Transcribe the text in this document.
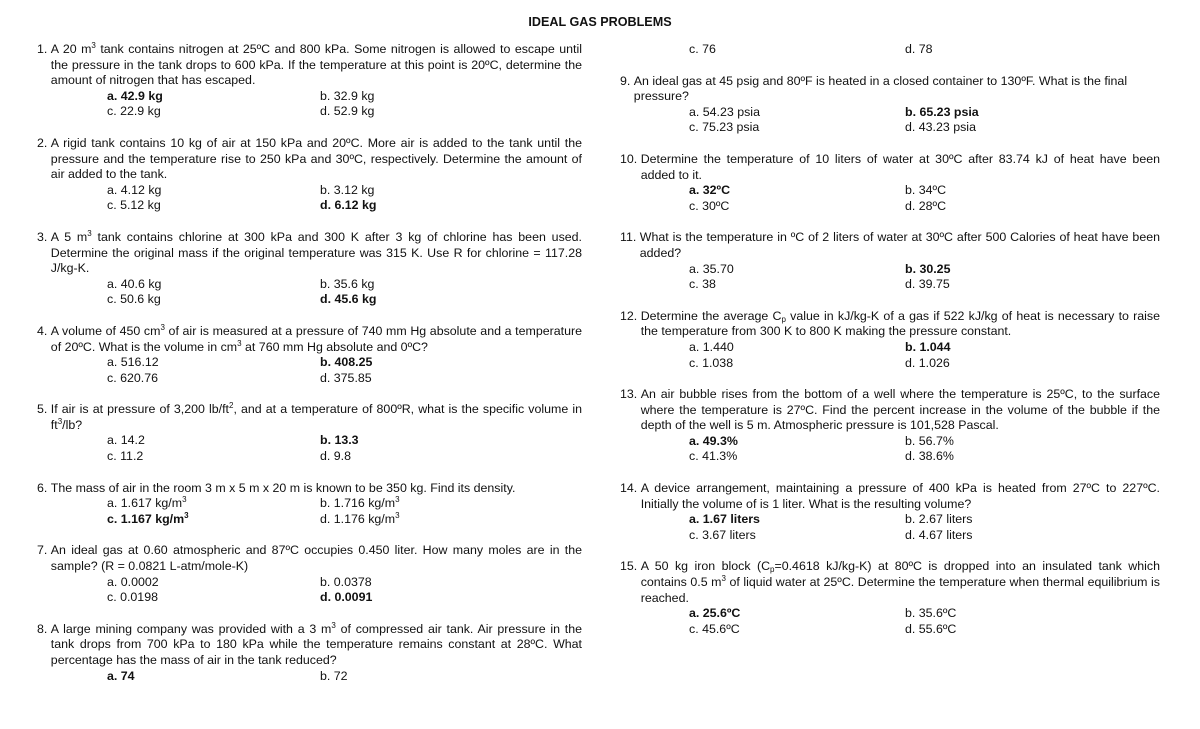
IDEAL GAS PROBLEMS
1.
A 20 $m^3$ tank contains nitrogen at 25ºC and 800 kPa. Some nitrogen is allowed to escape until the pressure in the tank drops to 600 kPa. If the temperature at this point is 20ºC, determine the amount of nitrogen that has escaped.
a. 42.9 kg	b. 32.9 kg
c. 22.9 kg	d. 52.9 kg
2.
A rigid tank contains 10 kg of air at 150 kPa and 20ºC. More air is added to the tank until the pressure and the temperature rise to 250 kPa and 30ºC, respectively. Determine the amount of air added to the tank.
a. 4.12 kg	b. 3.12 kg
c. 5.12 kg	d. 6.12 kg
3.
A 5 $m^3$ tank contains chlorine at 300 kPa and 300 K after 3 kg of chlorine has been used. Determine the original mass if the original temperature was 315 K. Use R for chlorine = 117.28 J/kg-K.
a. 40.6 kg	b. 35.6 kg
c. 50.6 kg	d. 45.6 kg
4.
A volume of 450 $cm^3$ of air is measured at a pressure of 740 mm Hg absolute and a temperature of 20ºC. What is the volume in $cm^3$ at 760 mm Hg absolute and 0ºC?
a. 516.12	b. 408.25
c. 620.76	d. 375.85
5.
If air is at pressure of 3,200 $lb/ft^2$, and at a temperature of 800ºR, what is the specific volume in $ft^3/lb$?
a. 14.2	b. 13.3
c. 11.2	d. 9.8
6.
The mass of air in the room 3 m x 5 m x 20 m is known to be 350 kg. Find its density.
a. 1.617 $kg/m^3$	b. 1.716 $kg/m^3$
c. 1.167 $kg/m^3$	d. 1.176 $kg/m^3$
7.
An ideal gas at 0.60 atmospheric and 87ºC occupies 0.450 liter. How many moles are in the sample? (R = 0.0821 L-atm/mole-K)
a. 0.0002	b. 0.0378
c. 0.0198	d. 0.0091
8.
A large mining company was provided with a 3 $m^3$ of compressed air tank. Air pressure in the tank drops from 700 kPa to 180 kPa while the temperature remains constant at 28ºC. What percentage has the mass of air in the tank reduced?
a. 74	b. 72
c. 76	d. 78
9.
An ideal gas at 45 psig and 80ºF is heated in a closed container to 130ºF. What is the final pressure?
a. 54.23 psia	b. 65.23 psia
c. 75.23 psia	d. 43.23 psia
10.
Determine the temperature of 10 liters of water at 30ºC after 83.74 kJ of heat have been added to it.
a. 32ºC	b. 34ºC
c. 30ºC	d. 28ºC
11.
What is the temperature in ºC of 2 liters of water at 30ºC after 500 Calories of heat have been added?
a. 35.70	b. 30.25
c. 38	d. 39.75
12.
Determine the average $C_p$ value in kJ/kg-K of a gas if 522 kJ/kg of heat is necessary to raise the temperature from 300 K to 800 K making the pressure constant.
a. 1.440	b. 1.044
c. 1.038	d. 1.026
13.
An air bubble rises from the bottom of a well where the temperature is 25ºC, to the surface where the temperature is 27ºC. Find the percent increase in the volume of the bubble if the depth of the well is 5 m. Atmospheric pressure is 101,528 Pascal.
a. 49.3%	b. 56.7%
c. 41.3%	d. 38.6%
14.
A device arrangement, maintaining a pressure of 400 kPa is heated from 27ºC to 227ºC. Initially the volume of is 1 liter. What is the resulting volume?
a. 1.67 liters	b. 2.67 liters
c. 3.67 liters	d. 4.67 liters
15.
A 50 kg iron block ($C_p=0.4618$ kJ/kg-K) at 80ºC is dropped into an insulated tank which contains 0.5 $m^3$ of liquid water at 25ºC. Determine the temperature when thermal equilibrium is reached.
a. 25.6ºC	b. 35.6ºC
c. 45.6ºC	d. 55.6ºC
